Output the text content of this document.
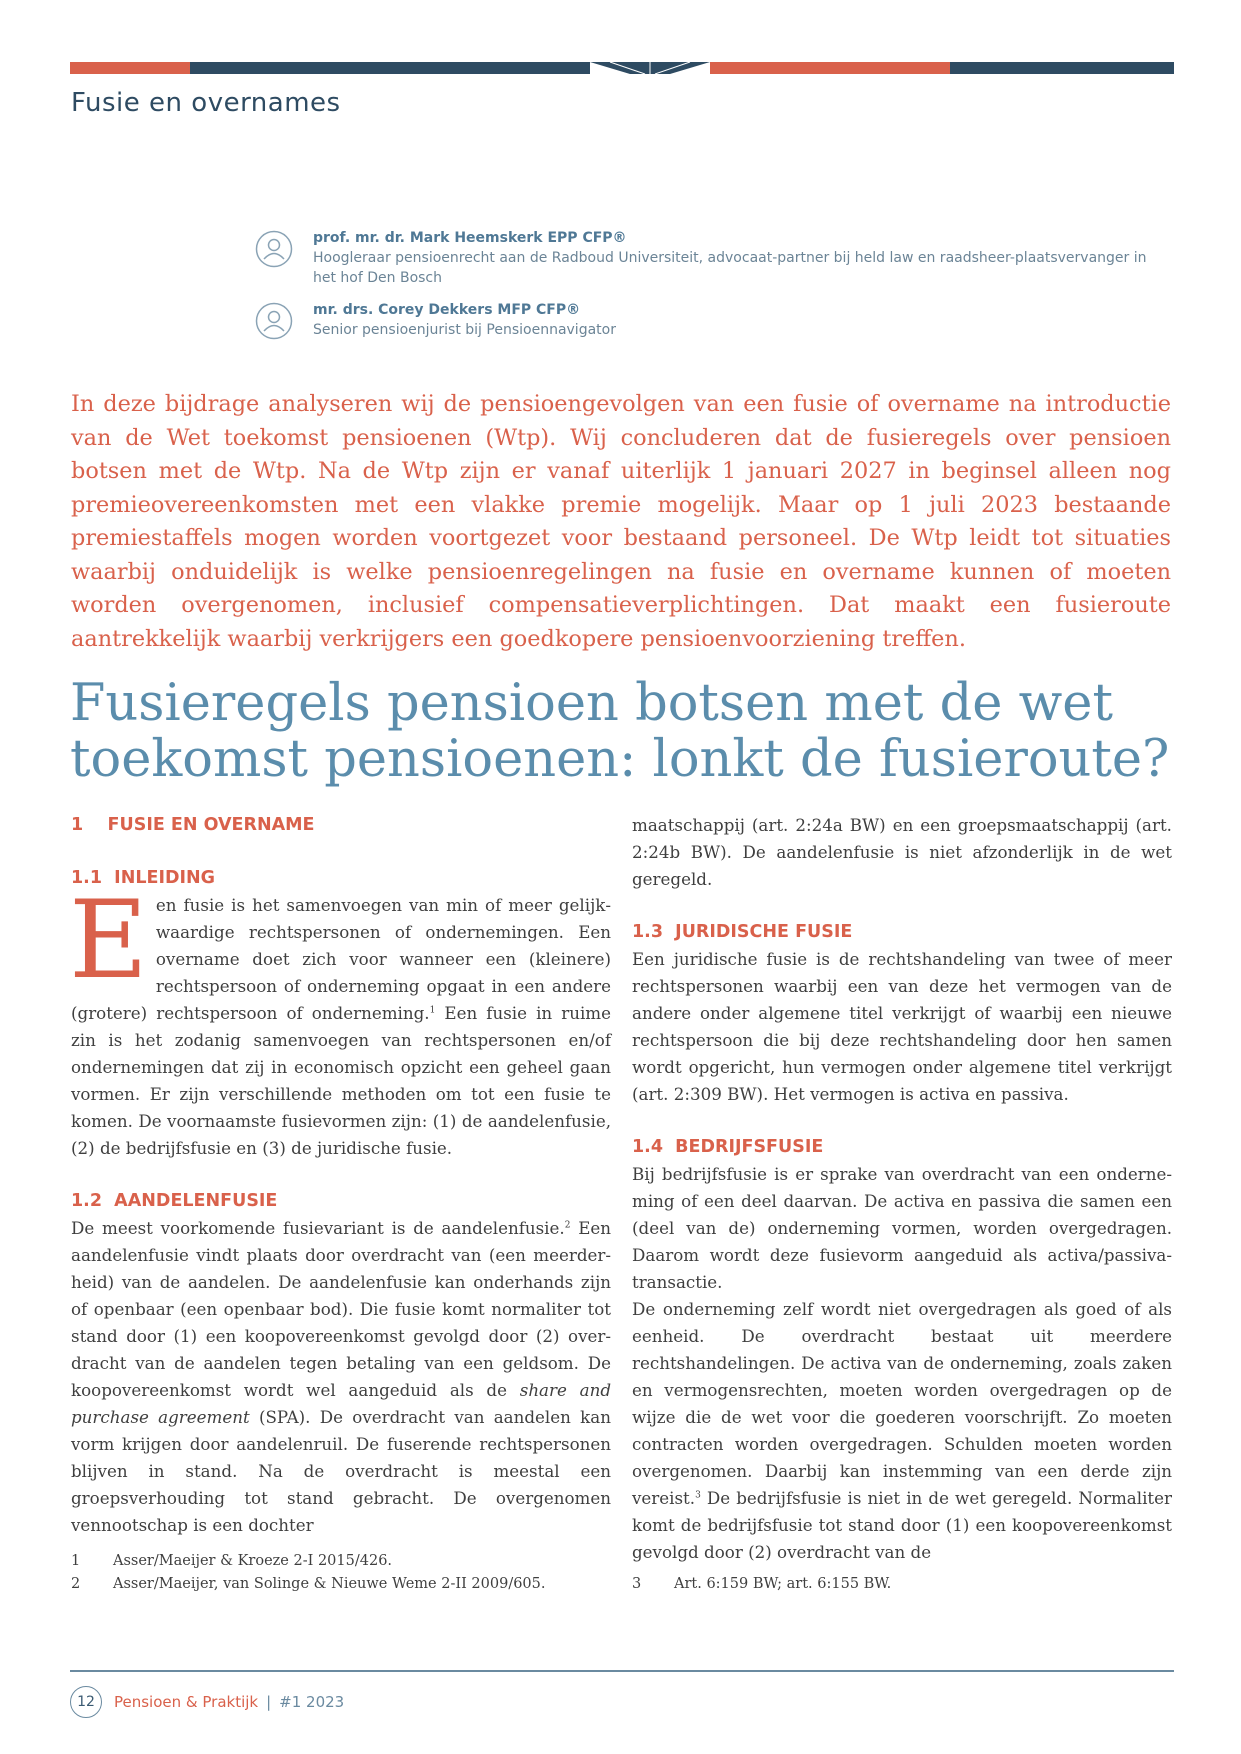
Fusie en overnames
prof. mr. dr. Mark Heemskerk EPP CFP®
Hoogleraar pensioenrecht aan de Radboud Universiteit, advocaat-partner bij held law en raadsheer-plaatsvervanger in het hof Den Bosch
mr. drs. Corey Dekkers MFP CFP®
Senior pensioenjurist bij Pensioennavigator

In deze bijdrage analyseren wij de pensioengevolgen van een fusie of overname na introductie van de Wet toekomst pensioenen (Wtp). Wij concluderen dat de fusieregels over pensioen botsen met de Wtp. Na de Wtp zijn er vanaf uiterlijk 1 januari 2027 in beginsel alleen nog premieovereenkomsten met een vlakke premie mogelijk. Maar op 1 juli 2023 bestaande premiestaffels mogen worden voortgezet voor bestaand personeel. De Wtp leidt tot situaties waarbij onduidelijk is welke pensioenregelingen na fusie en overname kunnen of moeten worden overgenomen, inclusief compensatieverplichtingen. Dat maakt een fusieroute aantrekkelijk waarbij verkrijgers een goedkopere pensioenvoorziening treffen.

Fusieregels pensioen botsen met de wet toekomst pensioenen: lonkt de fusieroute?
1    FUSIE EN OVERNAME
1.1  INLEIDING

Een fusie is het samenvoegen van min of meer gelijkwaardige rechtspersonen of ondernemingen. Een overname doet zich voor wanneer een (kleinere) rechtspersoon of onderneming opgaat in een andere (grotere) rechtspersoon of onderneming.$^1$ Een fusie in ruime zin is het zodanig samenvoegen van rechtspersonen en/of ondernemingen dat zij in economisch opzicht een geheel gaan vormen. Er zijn verschillende methoden om tot een fusie te komen. De voornaamste fusievormen zijn: (1) de aandelenfusie, (2) de bedrijfsfusie en (3) de juridische fusie.

1.2  AANDELENFUSIE

De meest voorkomende fusievariant is de aandelenfusie.$^2$ Een aandelenfusie vindt plaats door overdracht van (een meerderheid) van de aandelen. De aandelenfusie kan onderhands zijn of openbaar (een openbaar bod). Die fusie komt normaliter tot stand door (1) een koopovereenkomst gevolgd door (2) overdracht van de aandelen tegen betaling van een geldsom. De koopovereenkomst wordt wel aangeduid als de share and purchase agreement (SPA). De overdracht van aandelen kan vorm krijgen door aandelenruil. De fuserende rechtspersonen blijven in stand. Na de overdracht is meestal een groepsverhouding tot stand gebracht. De overgenomen vennootschap is een dochter

maatschappij (art. 2:24a BW) en een groepsmaatschappij (art. 2:24b BW). De aandelenfusie is niet afzonderlijk in de wet geregeld.

1.3  JURIDISCHE FUSIE

Een juridische fusie is de rechtshandeling van twee of meer rechtspersonen waarbij een van deze het vermogen van de andere onder algemene titel verkrijgt of waarbij een nieuwe rechtspersoon die bij deze rechtshandeling door hen samen wordt opgericht, hun vermogen onder algemene titel verkrijgt (art. 2:309 BW). Het vermogen is activa en passiva.

1.4  BEDRIJFSFUSIE

Bij bedrijfsfusie is er sprake van overdracht van een onderneming of een deel daarvan. De activa en passiva die samen een (deel van de) onderneming vormen, worden overgedragen. Daarom wordt deze fusievorm aangeduid als activa/passiva-transactie.

De onderneming zelf wordt niet overgedragen als goed of als eenheid. De overdracht bestaat uit meerdere rechtshandelingen. De activa van de onderneming, zoals zaken en vermogensrechten, moeten worden overgedragen op de wijze die de wet voor die goederen voorschrijft. Zo moeten contracten worden overgedragen. Schulden moeten worden overgenomen. Daarbij kan instemming van een derde zijn vereist.$^3$ De bedrijfsfusie is niet in de wet geregeld. Normaliter komt de bedrijfsfusie tot stand door (1) een koopovereenkomst gevolgd door (2) overdracht van de

1	Asser/Maeijer & Kroeze 2-I 2015/426.
2	Asser/Maeijer, van Solinge & Nieuwe Weme 2-II 2009/605.	3	Art. 6:159 BW; art. 6:155 BW.
12	Pensioen & Praktijk | #1 2023
